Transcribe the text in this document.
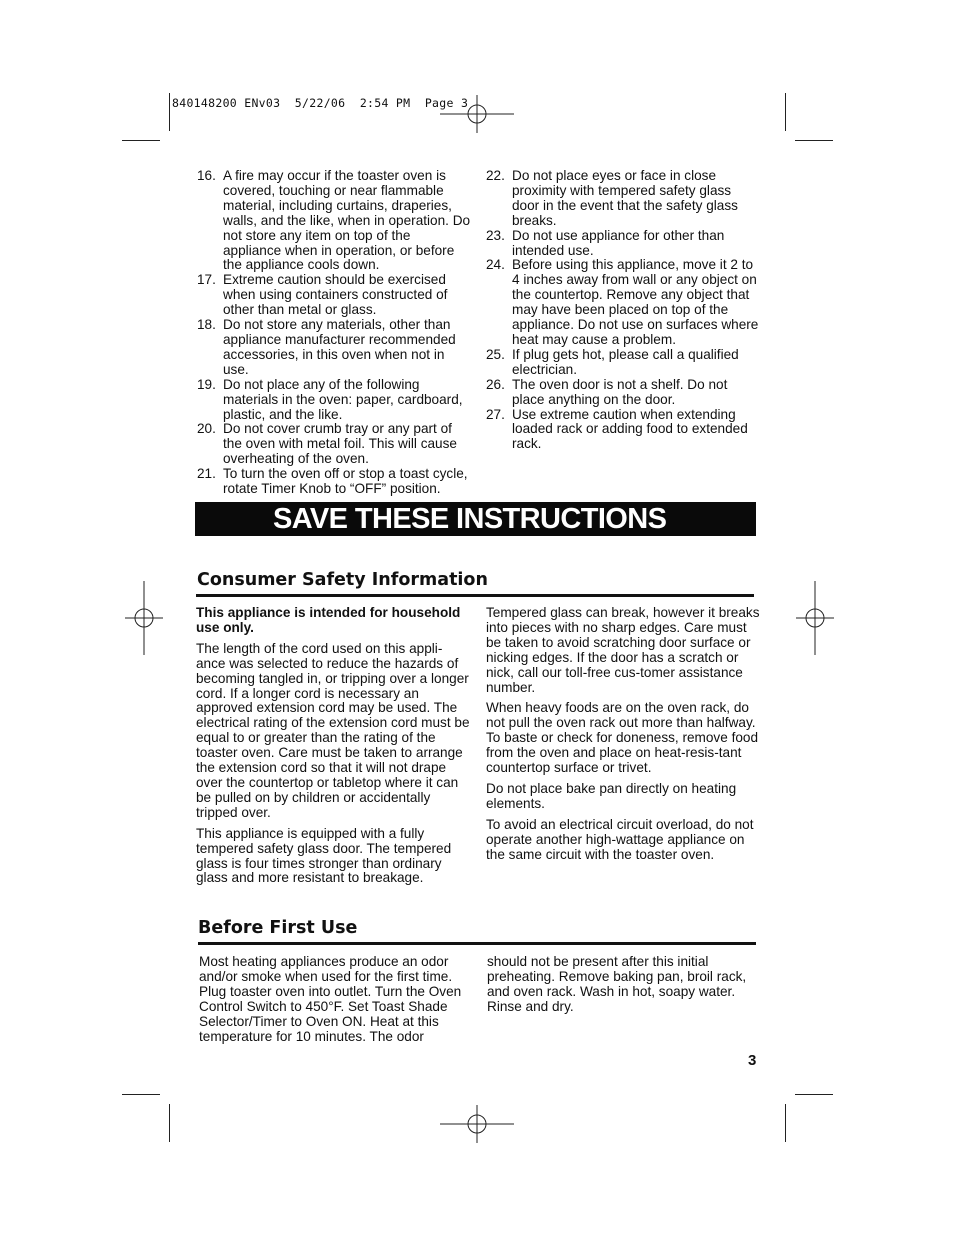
840148200 ENv03  5/22/06  2:54 PM  Page 3
16. A fire may occur if the toaster oven is covered, touching or near flammable material, including curtains, draperies, walls, and the like, when in operation. Do not store any item on top of the appliance when in operation, or before the appliance cools down.
17. Extreme caution should be exercised when using containers constructed of other than metal or glass.
18. Do not store any materials, other than appliance manufacturer recommended accessories, in this oven when not in use.
19. Do not place any of the following materials in the oven: paper, cardboard, plastic, and the like.
20. Do not cover crumb tray or any part of the oven with metal foil. This will cause overheating of the oven.
21. To turn the oven off or stop a toast cycle, rotate Timer Knob to “OFF” position.
22. Do not place eyes or face in close proximity with tempered safety glass door in the event that the safety glass breaks.
23. Do not use appliance for other than intended use.
24. Before using this appliance, move it 2 to 4 inches away from wall or any object on the countertop. Remove any object that may have been placed on top of the appliance. Do not use on surfaces where heat may cause a problem.
25. If plug gets hot, please call a qualified electrician.
26. The oven door is not a shelf. Do not place anything on the door.
27. Use extreme caution when extending loaded rack or adding food to extended rack.
SAVE THESE INSTRUCTIONS
Consumer Safety Information

This appliance is intended for household use only.

The length of the cord used on this appli-ance was selected to reduce the hazards of becoming tangled in, or tripping over a longer cord. If a longer cord is necessary an approved extension cord may be used. The electrical rating of the extension cord must be equal to or greater than the rating of the toaster oven. Care must be taken to arrange the extension cord so that it will not drape over the countertop or tabletop where it can be pulled on by children or accidentally tripped over.

This appliance is equipped with a fully tempered safety glass door. The tempered glass is four times stronger than ordinary glass and more resistant to breakage.

Tempered glass can break, however it breaks into pieces with no sharp edges. Care must be taken to avoid scratching door surface or nicking edges. If the door has a scratch or nick, call our toll-free cus-tomer assistance number.

When heavy foods are on the oven rack, do not pull the oven rack out more than halfway. To baste or check for doneness, remove food from the oven and place on heat-resis-tant countertop surface or trivet.

Do not place bake pan directly on heating elements.

To avoid an electrical circuit overload, do not operate another high-wattage appliance on the same circuit with the toaster oven.

Before First Use

Most heating appliances produce an odor and/or smoke when used for the first time. Plug toaster oven into outlet. Turn the Oven Control Switch to 450°F. Set Toast Shade Selector/Timer to Oven ON. Heat at this temperature for 10 minutes. The odor

should not be present after this initial preheating. Remove baking pan, broil rack, and oven rack. Wash in hot, soapy water. Rinse and dry.

3
